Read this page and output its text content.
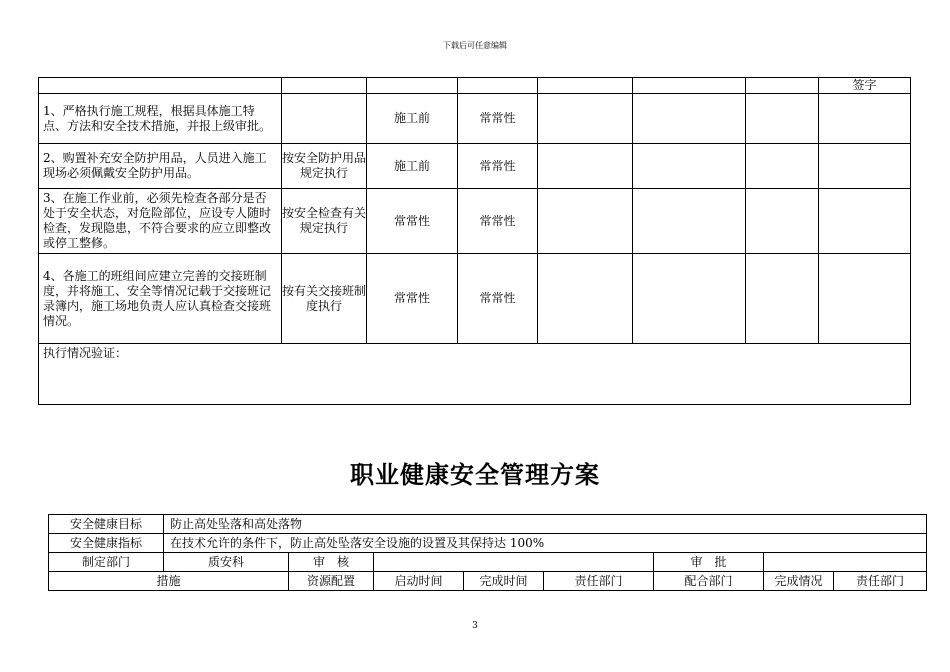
下载后可任意编辑
							签字
1、严格执行施工规程，根据具体施工特点、方法和安全技术措施，并报上级审批。		施工前	常常性				
2、购置补充安全防护用品，人员进入施工现场必须佩戴安全防护用品。	按安全防护用品规定执行	施工前	常常性				
3、在施工作业前，必须先检查各部分是否处于安全状态，对危险部位，应设专人随时检查，发现隐患，不符合要求的应立即整改或停工整修。	按安全检查有关规定执行	常常性	常常性				
4、各施工的班组间应建立完善的交接班制度，并将施工、安全等情况记载于交接班记录簿内，施工场地负责人应认真检查交接班情况。	按有关交接班制度执行	常常性	常常性				
执行情况验证：							
职业健康安全管理方案
安全健康目标	防止高处坠落和高处落物							
安全健康指标	在技术允许的条件下，防止高处坠落安全设施的设置及其保持达 100%							
制定部门	质安科	审　核				审　批		
措施		资源配置	启动时间	完成时间	责任部门	配合部门	完成情况	责任部门
3
